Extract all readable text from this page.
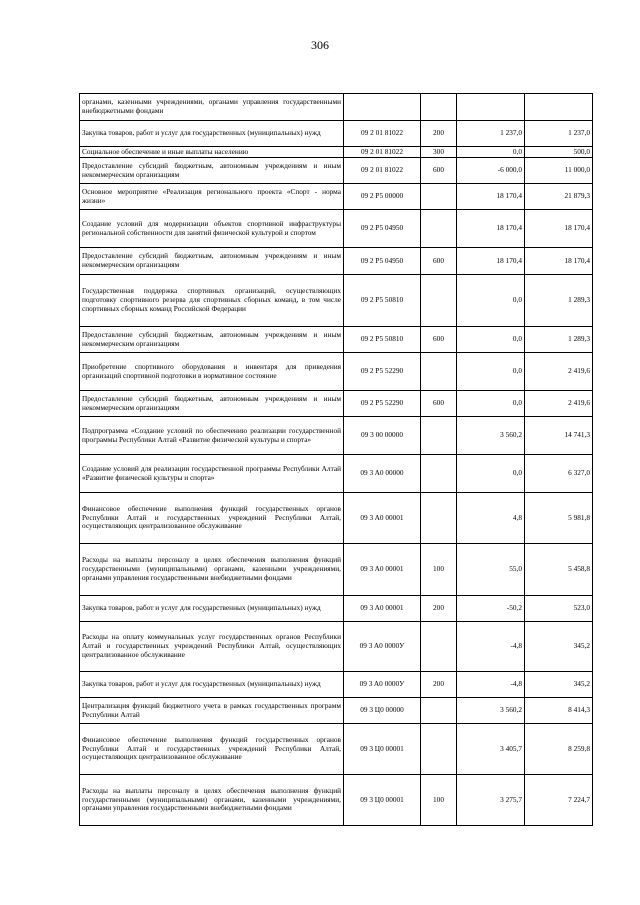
306
органами, казенными учреждениями, органами управления государственными внебюджетными фондами				
Закупка товаров, работ и услуг для государственных (муниципальных) нужд	09 2 01 81022	200	1 237,0	1 237,0
Социальное обеспечение и иные выплаты населению	09 2 01 81022	300	0,0	500,0
Предоставление субсидий бюджетным, автономным учреждениям и иным некоммерческим организациям	09 2 01 81022	600	-6 000,0	11 000,0
Основное мероприятие «Реализация регионального проекта «Спорт - норма жизни»	09 2 P5 00000		18 170,4	21 879,3
Создание условий для модернизации объектов спортивной инфраструктуры региональной собственности для занятий физической культурой и спортом	09 2 P5 04950		18 170,4	18 170,4
Предоставление субсидий бюджетным, автономным учреждениям и иным некоммерческим организациям	09 2 P5 04950	600	18 170,4	18 170,4
Государственная поддержка спортивных организаций, осуществляющих подготовку спортивного резерва для спортивных сборных команд, в том числе спортивных сборных команд Российской Федерации	09 2 P5 50810		0,0	1 289,3
Предоставление субсидий бюджетным, автономным учреждениям и иным некоммерческим организациям	09 2 P5 50810	600	0,0	1 289,3
Приобретение спортивного оборудования и инвентаря для приведения организаций спортивной подготовки в нормативное состояние	09 2 P5 52290		0,0	2 419,6
Предоставление субсидий бюджетным, автономным учреждениям и иным некоммерческим организациям	09 2 P5 52290	600	0,0	2 419,6
Подпрограмма «Создание условий по обеспечению реализации государственной программы Республики Алтай «Развитие физической культуры и спорта»	09 3 00 00000		3 560,2	14 741,3
Создание условий для реализации государственной программы Республики Алтай «Развитие физической культуры и спорта»	09 3 A0 00000		0,0	6 327,0
Финансовое обеспечение выполнения функций государственных органов Республики Алтай и государственных учреждений Республики Алтай, осуществляющих централизованное обслуживание	09 3 A0 00001		4,8	5 981,8
Расходы на выплаты персоналу в целях обеспечения выполнения функций государственными (муниципальными) органами, казенными учреждениями, органами управления государственными внебюджетными фондами	09 3 A0 00001	100	55,0	5 458,8
Закупка товаров, работ и услуг для государственных (муниципальных) нужд	09 3 A0 00001	200	-50,2	523,0
Расходы на оплату коммунальных услуг государственных органов Республики Алтай и государственных учреждений Республики Алтай, осуществляющих централизованное обслуживание	09 3 A0 0000У		-4,8	345,2
Закупка товаров, работ и услуг для государственных (муниципальных) нужд	09 3 A0 0000У	200	-4,8	345,2
Централизация функций бюджетного учета в рамках государственных программ Республики Алтай	09 3 Ц0 00000		3 560,2	8 414,3
Финансовое обеспечение выполнения функций государственных органов Республики Алтай и государственных учреждений Республики Алтай, осуществляющих централизованное обслуживание	09 3 Ц0 00001		3 405,7	8 259,8
Расходы на выплаты персоналу в целях обеспечения выполнения функций государственными (муниципальными) органами, казенными учреждениями, органами управления государственными внебюджетными фондами	09 3 Ц0 00001	100	3 275,7	7 224,7
